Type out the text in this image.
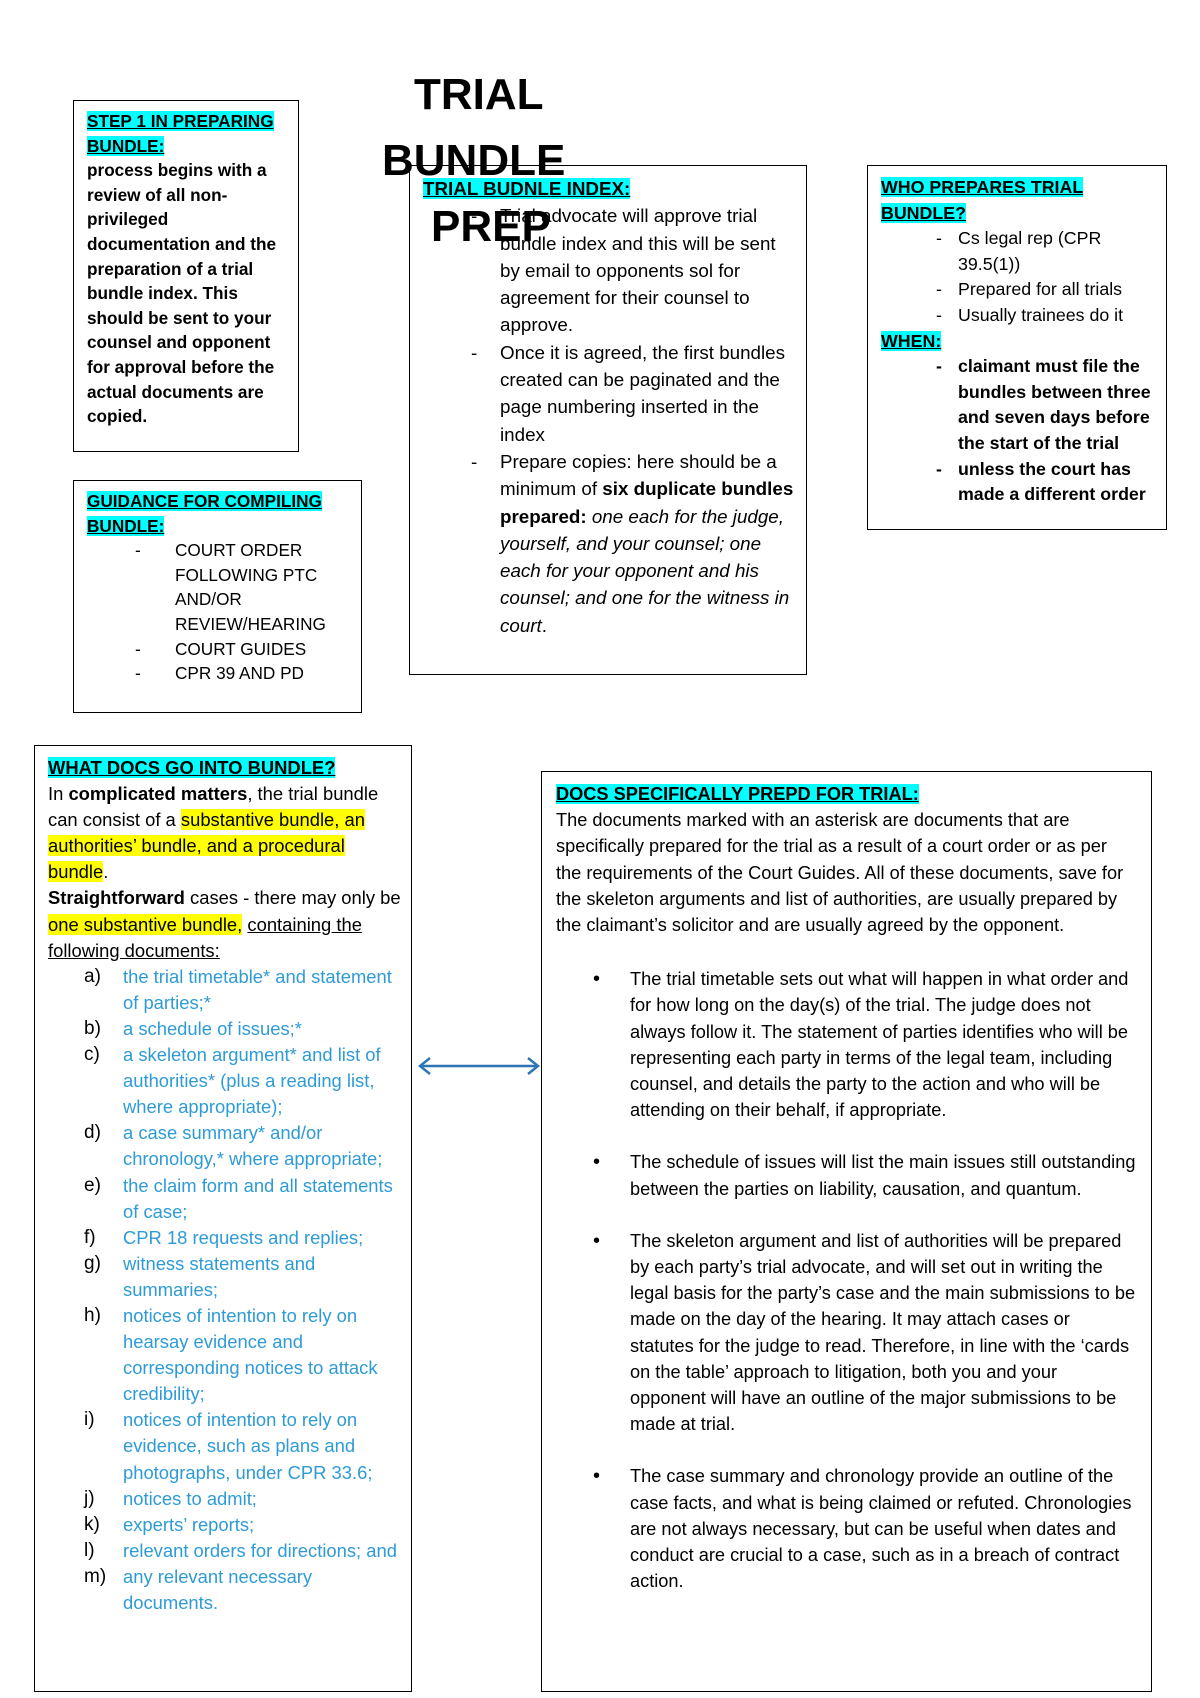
STEP 1 IN PREPARING BUNDLE:
process begins with a review of all non-privileged documentation and the preparation of a trial bundle index. This should be sent to your counsel and opponent for approval before the actual documents are copied.
GUIDANCE FOR COMPILING BUNDLE:
- COURT ORDER FOLLOWING PTC AND/OR REVIEW/HEARING
- COURT GUIDES
- CPR 39 AND PD
TRIAL BUDNLE INDEX:
- Trial advocate will approve trial bundle index and this will be sent by email to opponents sol for agreement for their counsel to approve.
- Once it is agreed, the first bundles created can be paginated and the page numbering inserted in the index
- Prepare copies: here should be a minimum of six duplicate bundles prepared: one each for the judge, yourself, and your counsel; one each for your opponent and his counsel; and one for the witness in court.
TRIAL
BUNDLE
PREP
WHO PREPARES TRIAL BUNDLE?
- Cs legal rep (CPR 39.5(1))
- Prepared for all trials
- Usually trainees do it
WHEN:
- claimant must file the bundles between three and seven days before the start of the trial
- unless the court has made a different order
WHAT DOCS GO INTO BUNDLE?
In complicated matters, the trial bundle can consist of a substantive bundle, an authorities’ bundle, and a procedural bundle.
Straightforward cases - there may only be one substantive bundle, containing the following documents:
a) the trial timetable* and statement of parties;*
b) a schedule of issues;*
c) a skeleton argument* and list of authorities* (plus a reading list, where appropriate);
d) a case summary* and/or chronology,* where appropriate;
e) the claim form and all statements of case;
f) CPR 18 requests and replies;
g) witness statements and summaries;
h) notices of intention to rely on hearsay evidence and corresponding notices to attack credibility;
i) notices of intention to rely on evidence, such as plans and photographs, under CPR 33.6;
j) notices to admit;
k) experts’ reports;
l) relevant orders for directions; and
m) any relevant necessary documents.
DOCS SPECIFICALLY PREPD FOR TRIAL:
The documents marked with an asterisk are documents that are specifically prepared for the trial as a result of a court order or as per the requirements of the Court Guides. All of these documents, save for the skeleton arguments and list of authorities, are usually prepared by the claimant’s solicitor and are usually agreed by the opponent.
• The trial timetable sets out what will happen in what order and for how long on the day(s) of the trial. The judge does not always follow it. The statement of parties identifies who will be representing each party in terms of the legal team, including counsel, and details the party to the action and who will be attending on their behalf, if appropriate.
• The schedule of issues will list the main issues still outstanding between the parties on liability, causation, and quantum.
• The skeleton argument and list of authorities will be prepared by each party’s trial advocate, and will set out in writing the legal basis for the party’s case and the main submissions to be made on the day of the hearing. It may attach cases or statutes for the judge to read. Therefore, in line with the ‘cards on the table’ approach to litigation, both you and your opponent will have an outline of the major submissions to be made at trial.
• The case summary and chronology provide an outline of the case facts, and what is being claimed or refuted. Chronologies are not always necessary, but can be useful when dates and conduct are crucial to a case, such as in a breach of contract action.
